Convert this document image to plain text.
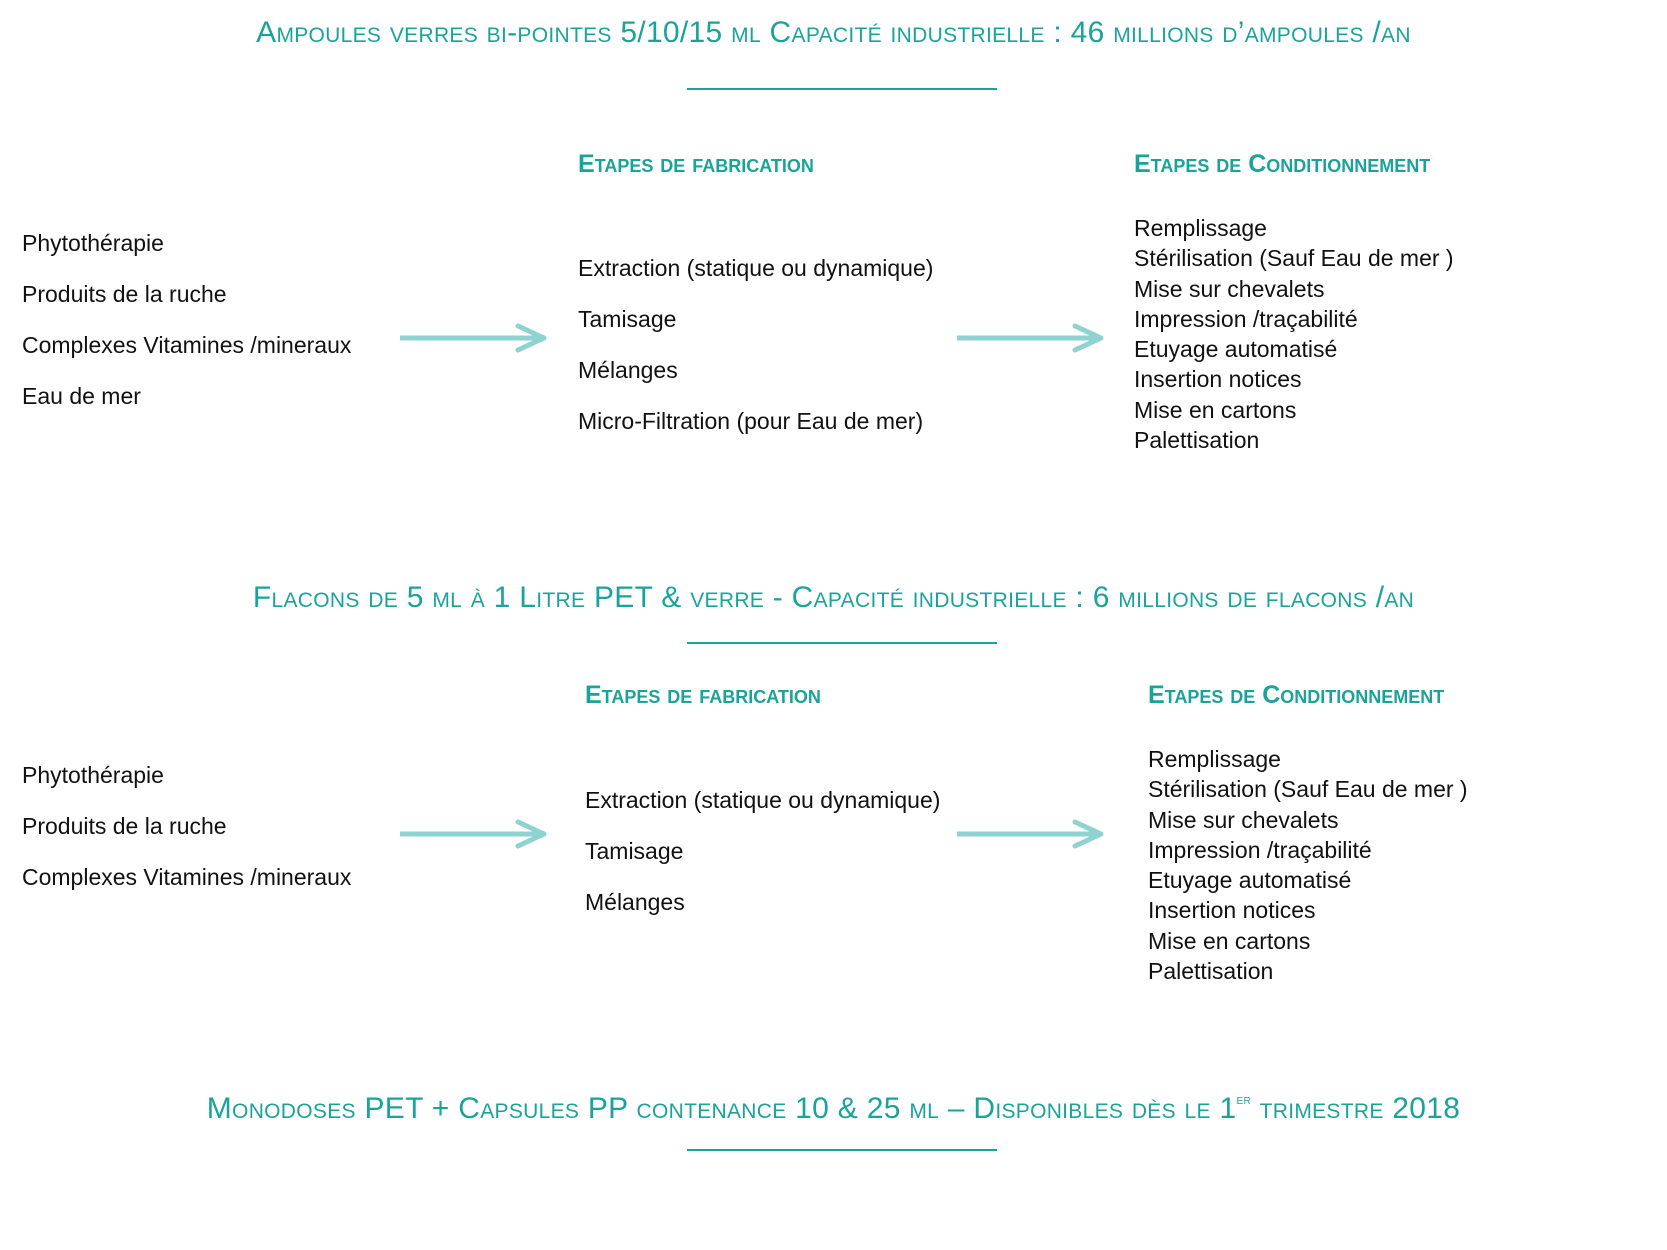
Ampoules verres bi-pointes 5/10/15 ml Capacité industrielle : 46 millions d’ampoules /an
Etapes de fabrication	Etapes de Conditionnement
Phytothérapie
Produits de la ruche
Complexes Vitamines /mineraux
Eau de mer
Extraction (statique ou dynamique)
Tamisage
Mélanges
Micro-Filtration (pour Eau de mer)
Remplissage
Stérilisation (Sauf Eau de mer )
Mise sur chevalets
Impression /traçabilité
Etuyage automatisé
Insertion notices
Mise en cartons
Palettisation
Flacons de 5 ml à 1 Litre PET & verre - Capacité industrielle : 6 millions de flacons /an
Etapes de fabrication	Etapes de Conditionnement
Phytothérapie
Produits de la ruche
Complexes Vitamines /mineraux
Extraction (statique ou dynamique)
Tamisage
Mélanges
Remplissage
Stérilisation (Sauf Eau de mer )
Mise sur chevalets
Impression /traçabilité
Etuyage automatisé
Insertion notices
Mise en cartons
Palettisation
Monodoses PET + Capsules PP contenance 10 & 25 ml – Disponibles dès le 1er trimestre 2018
